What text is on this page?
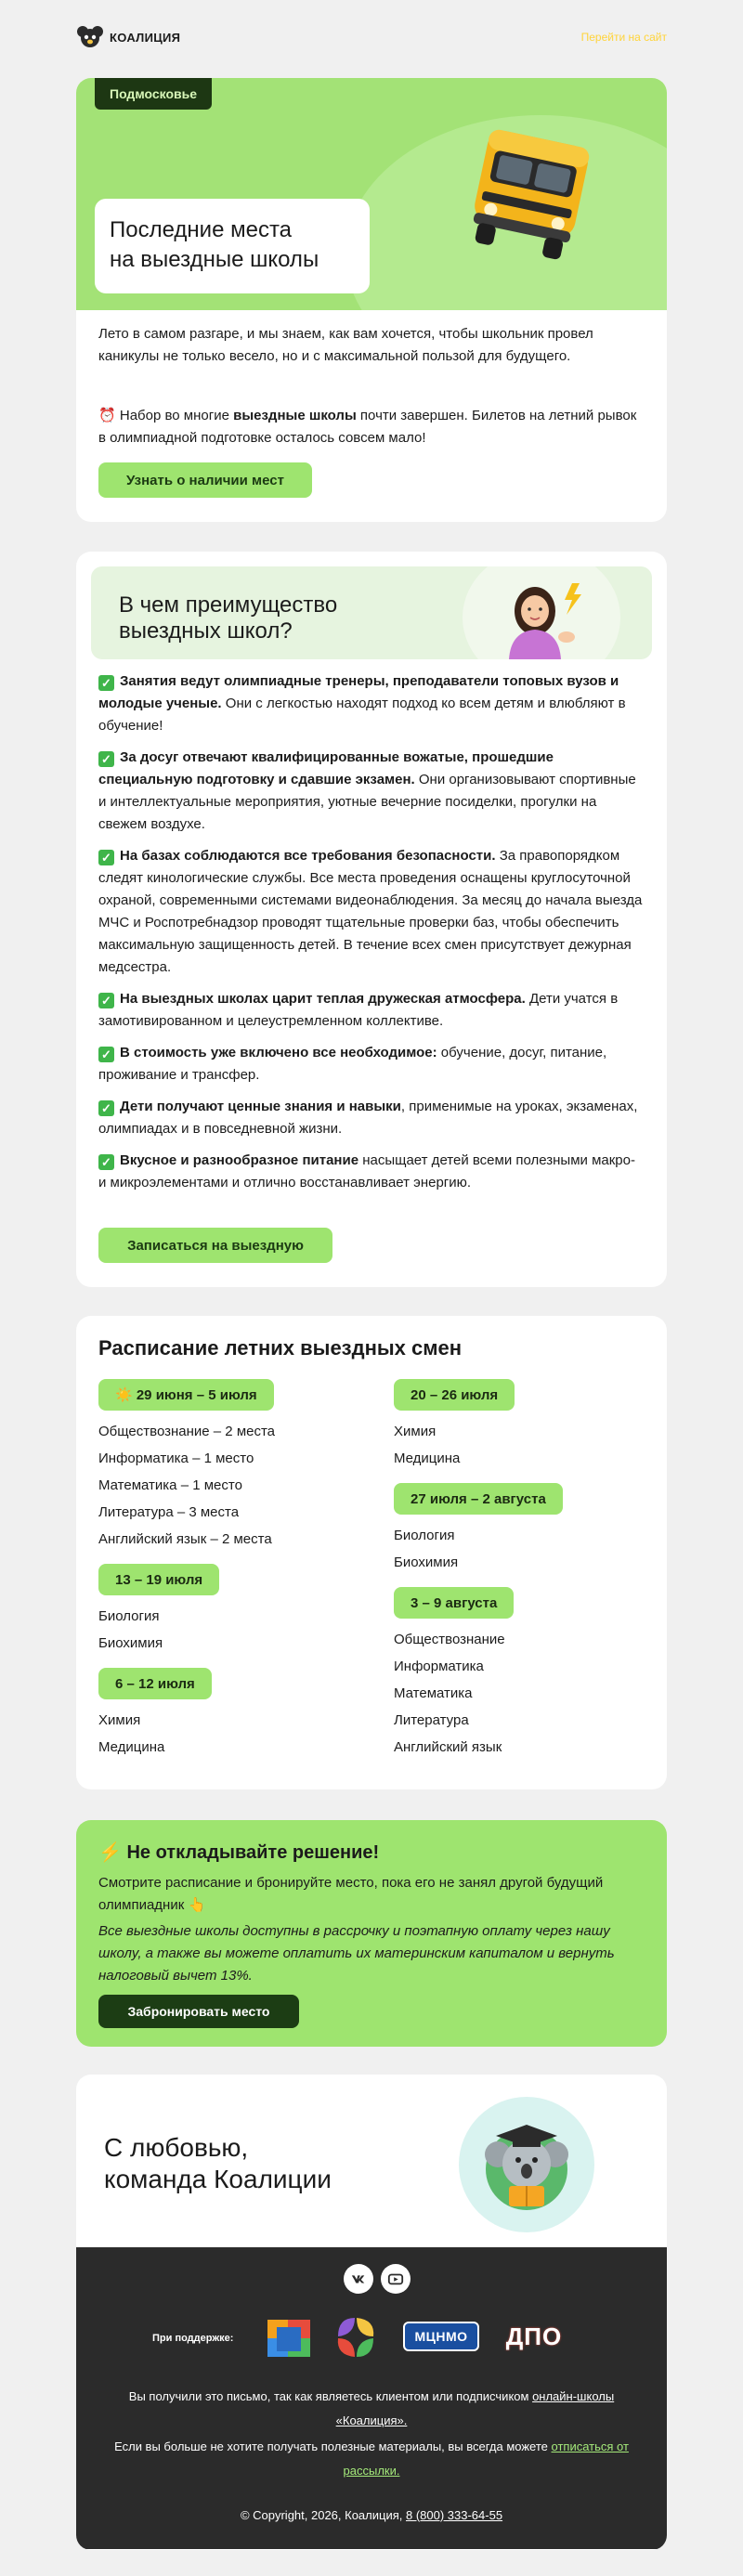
КОАЛИЦИЯ	Перейти на сайт
Подмосковье
Последние места
на выездные школы

Лето в самом разгаре, и мы знаем, как вам хочется, чтобы школьник провел каникулы не только весело, но и с максимальной пользой для будущего.

⏰ Набор во многие выездные школы почти завершен. Билетов на летний рывок в олимпиадной подготовке осталось совсем мало!

Узнать о наличии мест
В чем преимущество
выездных школ?
✓ Занятия ведут олимпиадные тренеры, преподаватели топовых вузов и молодые ученые. Они с легкостью находят подход ко всем детям и влюбляют в обучение!
✓ За досуг отвечают квалифицированные вожатые, прошедшие специальную подготовку и сдавшие экзамен. Они организовывают спортивные и интеллектуальные мероприятия, уютные вечерние посиделки, прогулки на свежем воздухе.
✓ На базах соблюдаются все требования безопасности. За правопорядком следят кинологические службы. Все места проведения оснащены круглосуточной охраной, современными системами видеонаблюдения. За месяц до начала выезда МЧС и Роспотребнадзор проводят тщательные проверки баз, чтобы обеспечить максимальную защищенность детей. В течение всех смен присутствует дежурная медсестра.
✓ На выездных школах царит теплая дружеская атмосфера. Дети учатся в замотивированном и целеустремленном коллективе.
✓ В стоимость уже включено все необходимое: обучение, досуг, питание, проживание и трансфер.
✓ Дети получают ценные знания и навыки, применимые на уроках, экзаменах, олимпиадах и в повседневной жизни.
✓ Вкусное и разнообразное питание насыщает детей всеми полезными макро- и микроэлементами и отлично восстанавливает энергию.
Записаться на выездную
Расписание летних выездных смен
☀️ 29 июня – 5 июля
Обществознание – 2 места
Информатика – 1 место
Математика – 1 место
Литература – 3 места
Английский язык – 2 места
13 – 19 июля
Биология
Биохимия
6 – 12 июля
Химия
Медицина
20 – 26 июля
Химия
Медицина
27 июля – 2 августа
Биология
Биохимия
3 – 9 августа
Обществознание
Информатика
Математика
Литература
Английский язык
⚡ Не откладывайте решение!
Смотрите расписание и бронируйте место, пока его не занял другой будущий олимпиадник 👆
Все выездные школы доступны в рассрочку и поэтапную оплату через нашу школу, а также вы можете оплатить их материнским капиталом и вернуть налоговый вычет 13%.
Забронировать место
С любовью,
команда Коалиции
При поддержке:	МЦНМО	ДПО
Вы получили это письмо, так как являетесь клиентом или подписчиком онлайн-школы «Коалиция».
Если вы больше не хотите получать полезные материалы, вы всегда можете отписаться от рассылки.
© Copyright, 2026, Коалиция, 8 (800) 333-64-55
